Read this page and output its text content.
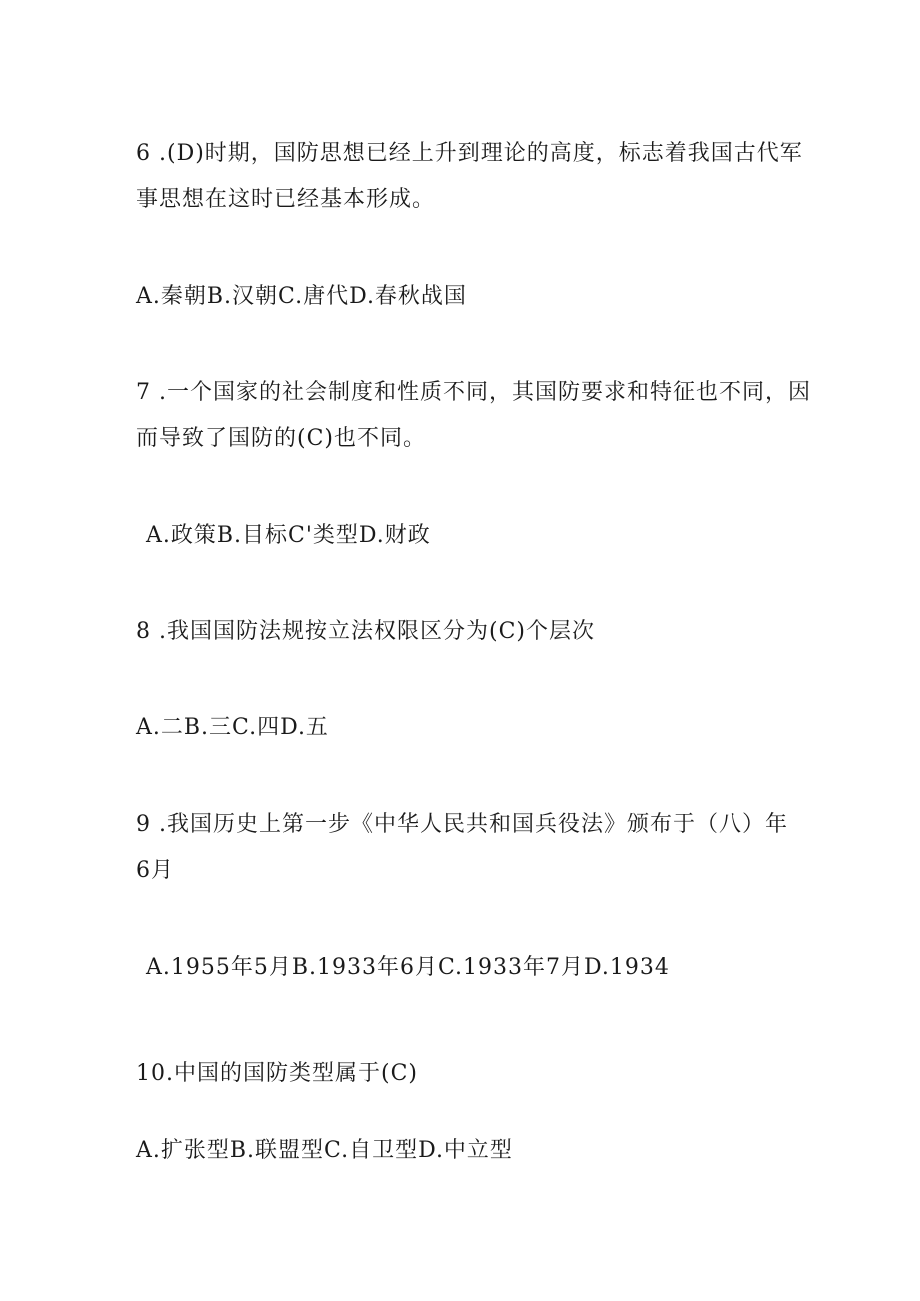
6 .(D)时期，国防思想已经上升到理论的高度，标志着我国古代军
事思想在这时已经基本形成。
A.秦朝B.汉朝C.唐代D.春秋战国
7 .一个国家的社会制度和性质不同，其国防要求和特征也不同，因
而导致了国防的(C)也不同。
A.政策B.目标C'类型D.财政
8 .我国国防法规按立法权限区分为(C)个层次
A.二B.三C.四D.五
9 .我国历史上第一步《中华人民共和国兵役法》颁布于（八）年
6月
A.1955年5月B.1933年6月C.1933年7月D.1934
10.中国的国防类型属于(C)
A.扩张型B.联盟型C.自卫型D.中立型
